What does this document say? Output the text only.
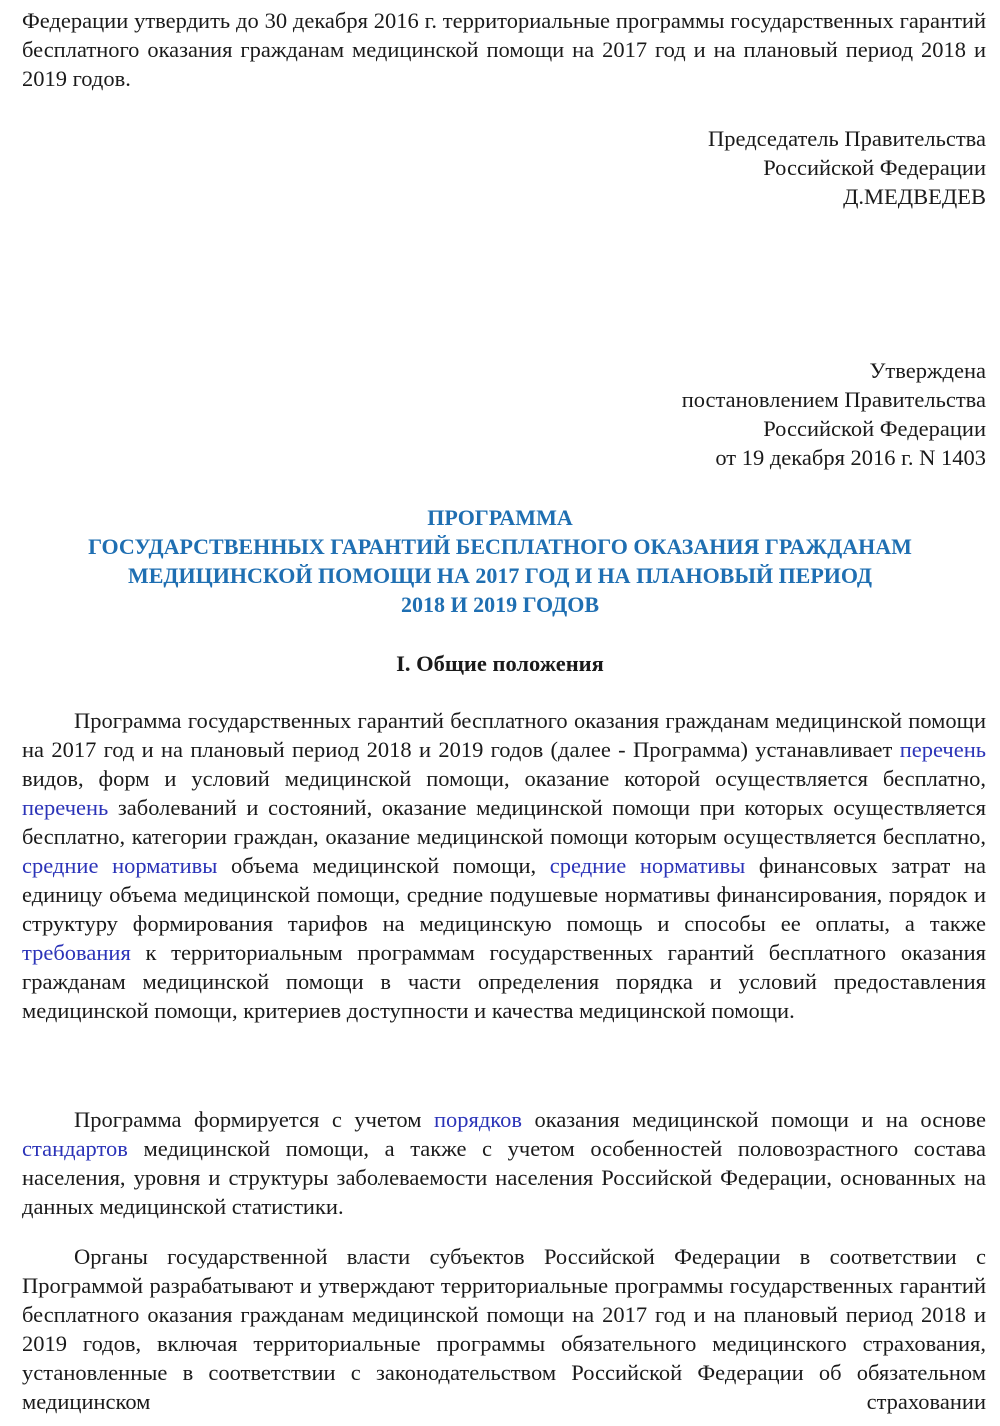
Федерации утвердить до 30 декабря 2016 г. территориальные программы государственных гарантий бесплатного оказания гражданам медицинской помощи на 2017 год и на плановый период 2018 и 2019 годов.

Председатель Правительства
Российской Федерации
Д.МЕДВЕДЕВ
Утверждена
постановлением Правительства
Российской Федерации
от 19 декабря 2016 г. N 1403
ПРОГРАММА
ГОСУДАРСТВЕННЫХ ГАРАНТИЙ БЕСПЛАТНОГО ОКАЗАНИЯ ГРАЖДАНАМ
МЕДИЦИНСКОЙ ПОМОЩИ НА 2017 ГОД И НА ПЛАНОВЫЙ ПЕРИОД
2018 И 2019 ГОДОВ
I. Общие положения

Программа государственных гарантий бесплатного оказания гражданам медицинской помощи на 2017 год и на плановый период 2018 и 2019 годов (далее - Программа) устанавливает перечень видов, форм и условий медицинской помощи, оказание которой осуществляется бесплатно, перечень заболеваний и состояний, оказание медицинской помощи при которых осуществляется бесплатно, категории граждан, оказание медицинской помощи которым осуществляется бесплатно, средние нормативы объема медицинской помощи, средние нормативы финансовых затрат на единицу объема медицинской помощи, средние подушевые нормативы финансирования, порядок и структуру формирования тарифов на медицинскую помощь и способы ее оплаты, а также требования к территориальным программам государственных гарантий бесплатного оказания гражданам медицинской помощи в части определения порядка и условий предоставления медицинской помощи, критериев доступности и качества медицинской помощи.

Программа формируется с учетом порядков оказания медицинской помощи и на основе стандартов медицинской помощи, а также с учетом особенностей половозрастного состава населения, уровня и структуры заболеваемости населения Российской Федерации, основанных на данных медицинской статистики.

Органы государственной власти субъектов Российской Федерации в соответствии с Программой разрабатывают и утверждают территориальные программы государственных гарантий бесплатного оказания гражданам медицинской помощи на 2017 год и на плановый период 2018 и 2019 годов, включая территориальные программы обязательного медицинского страхования, установленные в соответствии с законодательством Российской Федерации об обязательном медицинском страховании
